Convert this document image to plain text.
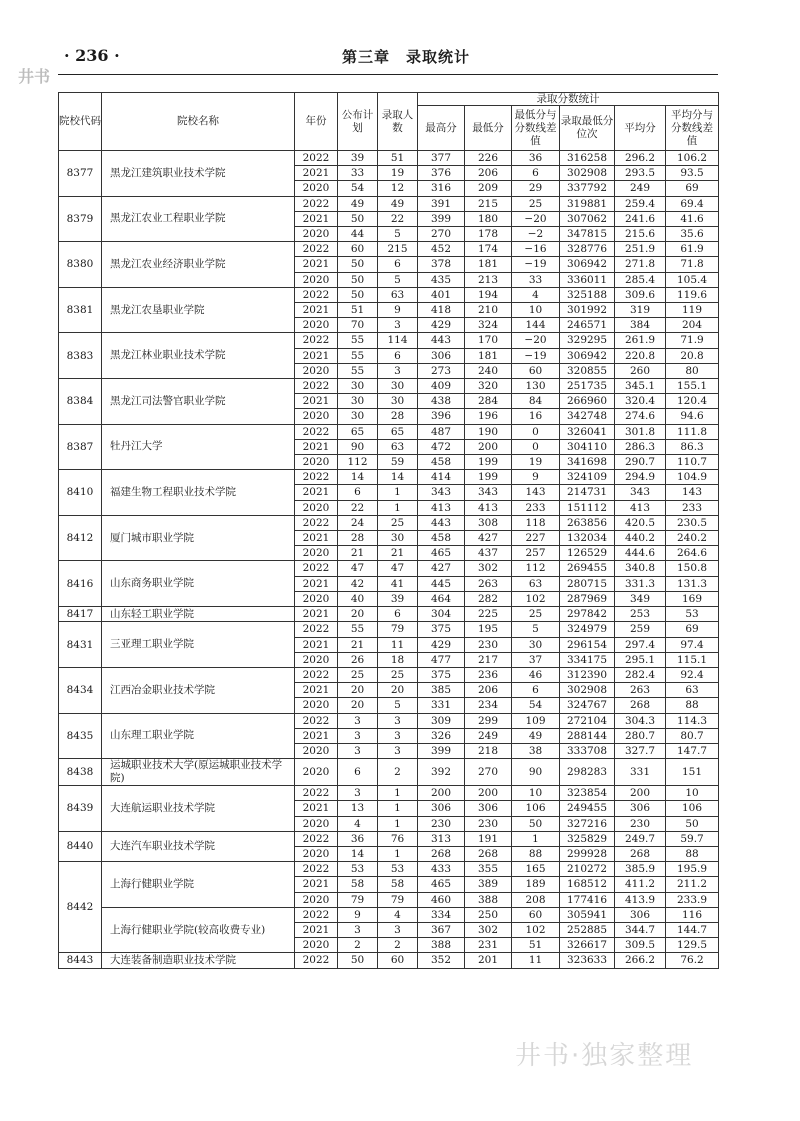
井书
· 236 ·	第三章　录取统计
院校代码	院校名称	年份	公布计划	录取人数	录取分数统计					
					最高分	最低分	最低分与分数线差值	录取最低分位次	平均分	平均分与分数线差值
8377	黑龙江建筑职业技术学院	2022	39	51	377	226	36	316258	296.2	106.2
		2021	33	19	376	206	6	302908	293.5	93.5
		2020	54	12	316	209	29	337792	249	69
8379	黑龙江农业工程职业学院	2022	49	49	391	215	25	319881	259.4	69.4
		2021	50	22	399	180	−20	307062	241.6	41.6
		2020	44	5	270	178	−2	347815	215.6	35.6
8380	黑龙江农业经济职业学院	2022	60	215	452	174	−16	328776	251.9	61.9
		2021	50	6	378	181	−19	306942	271.8	71.8
		2020	50	5	435	213	33	336011	285.4	105.4
8381	黑龙江农垦职业学院	2022	50	63	401	194	4	325188	309.6	119.6
		2021	51	9	418	210	10	301992	319	119
		2020	70	3	429	324	144	246571	384	204
8383	黑龙江林业职业技术学院	2022	55	114	443	170	−20	329295	261.9	71.9
		2021	55	6	306	181	−19	306942	220.8	20.8
		2020	55	3	273	240	60	320855	260	80
8384	黑龙江司法警官职业学院	2022	30	30	409	320	130	251735	345.1	155.1
		2021	30	30	438	284	84	266960	320.4	120.4
		2020	30	28	396	196	16	342748	274.6	94.6
8387	牡丹江大学	2022	65	65	487	190	0	326041	301.8	111.8
		2021	90	63	472	200	0	304110	286.3	86.3
		2020	112	59	458	199	19	341698	290.7	110.7
8410	福建生物工程职业技术学院	2022	14	14	414	199	9	324109	294.9	104.9
		2021	6	1	343	343	143	214731	343	143
		2020	22	1	413	413	233	151112	413	233
8412	厦门城市职业学院	2022	24	25	443	308	118	263856	420.5	230.5
		2021	28	30	458	427	227	132034	440.2	240.2
		2020	21	21	465	437	257	126529	444.6	264.6
8416	山东商务职业学院	2022	47	47	427	302	112	269455	340.8	150.8
		2021	42	41	445	263	63	280715	331.3	131.3
		2020	40	39	464	282	102	287969	349	169
8417	山东轻工职业学院	2021	20	6	304	225	25	297842	253	53
8431	三亚理工职业学院	2022	55	79	375	195	5	324979	259	69
		2021	21	11	429	230	30	296154	297.4	97.4
		2020	26	18	477	217	37	334175	295.1	115.1
8434	江西冶金职业技术学院	2022	25	25	375	236	46	312390	282.4	92.4
		2021	20	20	385	206	6	302908	263	63
		2020	20	5	331	234	54	324767	268	88
8435	山东理工职业学院	2022	3	3	309	299	109	272104	304.3	114.3
		2021	3	3	326	249	49	288144	280.7	80.7
		2020	3	3	399	218	38	333708	327.7	147.7
8438	运城职业技术大学(原运城职业技术学院)	2020	6	2	392	270	90	298283	331	151
8439	大连航运职业技术学院	2022	3	1	200	200	10	323854	200	10
		2021	13	1	306	306	106	249455	306	106
		2020	4	1	230	230	50	327216	230	50
8440	大连汽车职业技术学院	2022	36	76	313	191	1	325829	249.7	59.7
		2020	14	1	268	268	88	299928	268	88
8442	上海行健职业学院	2022	53	53	433	355	165	210272	385.9	195.9
		2021	58	58	465	389	189	168512	411.2	211.2
		2020	79	79	460	388	208	177416	413.9	233.9
	上海行健职业学院(较高收费专业)	2022	9	4	334	250	60	305941	306	116
		2021	3	3	367	302	102	252885	344.7	144.7
		2020	2	2	388	231	51	326617	309.5	129.5
8443	大连装备制造职业技术学院	2022	50	60	352	201	11	323633	266.2	76.2
井书·独家整理
